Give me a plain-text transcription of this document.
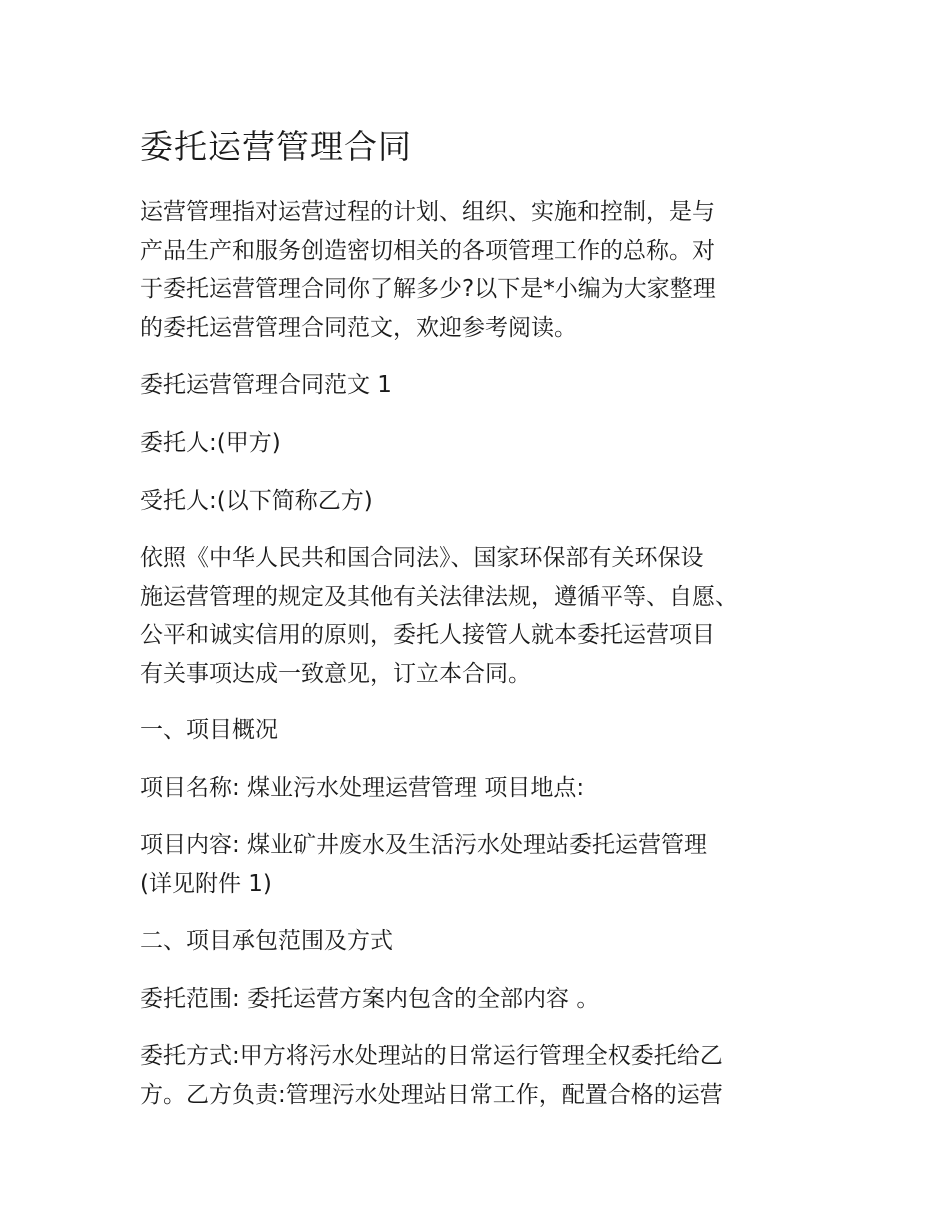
委托运营管理合同

运营管理指对运营过程的计划、组织、实施和控制，是与
产品生产和服务创造密切相关的各项管理工作的总称。对
于委托运营管理合同你了解多少?以下是*小编为大家整理
的委托运营管理合同范文，欢迎参考阅读。

委托运营管理合同范文 1

委托人:(甲方)

受托人:(以下简称乙方)

依照《中华人民共和国合同法》、国家环保部有关环保设
施运营管理的规定及其他有关法律法规，遵循平等、自愿、
公平和诚实信用的原则，委托人接管人就本委托运营项目
有关事项达成一致意见，订立本合同。

一、项目概况

项目名称: 煤业污水处理运营管理 项目地点:

项目内容: 煤业矿井废水及生活污水处理站委托运营管理
(详见附件 1)

二、项目承包范围及方式

委托范围: 委托运营方案内包含的全部内容 。

委托方式:甲方将污水处理站的日常运行管理全权委托给乙
方。乙方负责:管理污水处理站日常工作，配置合格的运营
